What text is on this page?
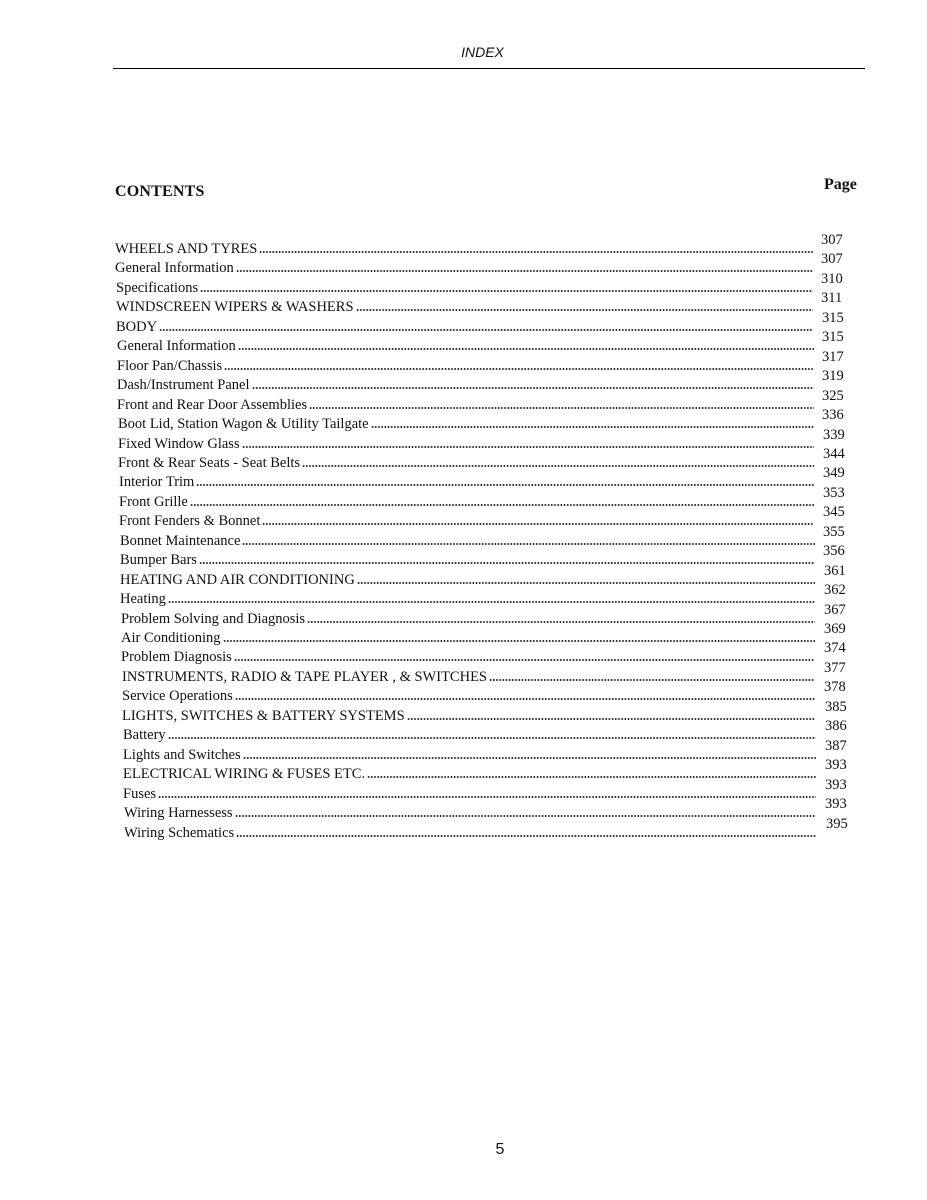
INDEX
CONTENTS	Page
WHEELS AND TYRES
307
General Information
307
Specifications
310
WINDSCREEN WIPERS & WASHERS
311
BODY
315
General Information
315
Floor Pan/Chassis
317
Dash/Instrument Panel
319
Front and Rear Door Assemblies
325
Boot Lid, Station Wagon & Utility Tailgate
336
Fixed Window Glass
339
Front & Rear Seats - Seat Belts
344
Interior Trim
349
Front Grille
353
Front Fenders & Bonnet
345
Bonnet Maintenance
355
Bumper Bars
356
HEATING AND AIR CONDITIONING
361
Heating
362
Problem Solving and Diagnosis
367
Air Conditioning
369
Problem Diagnosis
374
INSTRUMENTS, RADIO & TAPE PLAYER , & SWITCHES
377
Service Operations
378
LIGHTS, SWITCHES & BATTERY SYSTEMS
385
Battery
386
Lights and Switches
387
ELECTRICAL WIRING & FUSES ETC.
393
Fuses
393
Wiring Harnessess
393
Wiring Schematics
395
5
